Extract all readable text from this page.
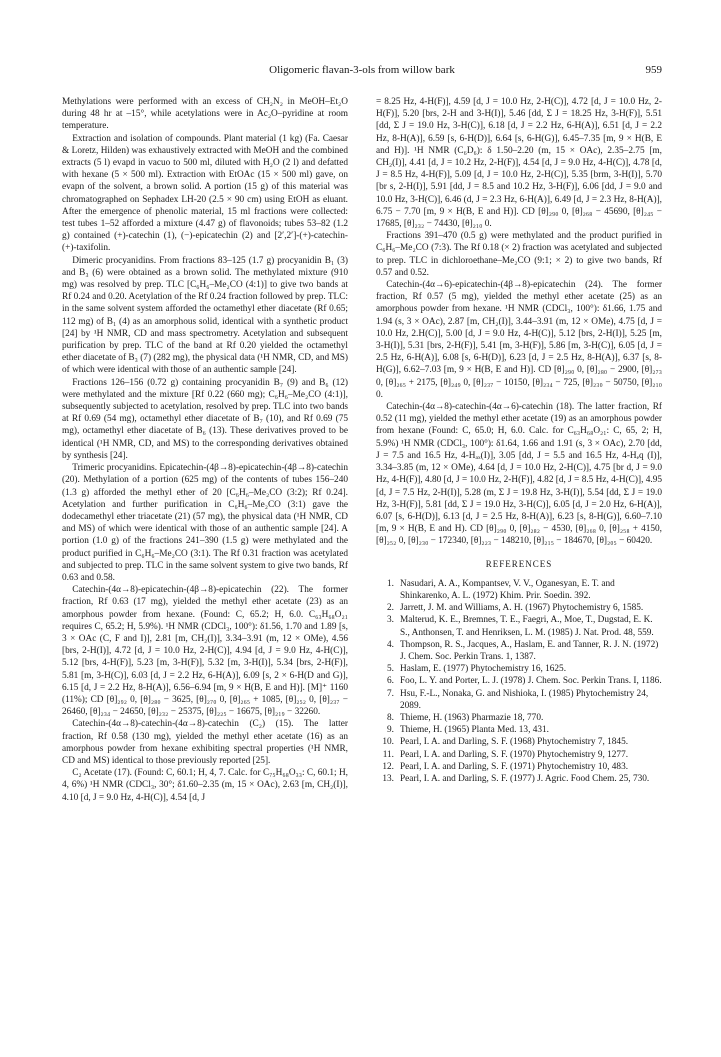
Oligomeric flavan-3-ols from willow bark	959

Methylations were performed with an excess of CH₂N₂ in MeOH–Et₂O during 48 hr at –15°, while acetylations were in Ac₂O–pyridine at room temperature.

Extraction and isolation of compounds. Plant material (1 kg) (Fa. Caesar & Loretz, Hilden) was exhaustively extracted with MeOH and the combined extracts (5 l) evapd in vacuo to 500 ml, diluted with H₂O (2 l) and defatted with hexane (5 × 500 ml). Extraction with EtOAc (15 × 500 ml) gave, on evapn of the solvent, a brown solid. A portion (15 g) of this material was chromatographed on Sephadex LH-20 (2.5 × 90 cm) using EtOH as eluant. After the emergence of phenolic material, 15 ml fractions were collected: test tubes 1–52 afforded a mixture (4.47 g) of flavonoids; tubes 53–82 (1.2 g) contained (+)-catechin (1), (−)-epicatechin (2) and [2′,2′]-(+)-catechin-(+)-taxifolin.

Dimeric procyanidins. From fractions 83–125 (1.7 g) procyanidin B₁ (3) and B₃ (6) were obtained as a brown solid. The methylated mixture (910 mg) was resolved by prep. TLC [C₆H₆–Me₂CO (4:1)] to give two bands at Rf 0.24 and 0.20. Acetylation of the Rf 0.24 fraction followed by prep. TLC: in the same solvent system afforded the octamethyl ether diacetate (Rf 0.65; 112 mg) of B₁ (4) as an amorphous solid, identical with a synthetic product [24] by ¹H NMR, CD and mass spectrometry. Acetylation and subsequent purification by prep. TLC of the band at Rf 0.20 yielded the octamethyl ether diacetate of B₃ (7) (282 mg), the physical data (¹H NMR, CD, and MS) of which were identical with those of an authentic sample [24].

Fractions 126–156 (0.72 g) containing procyanidin B₇ (9) and B₆ (12) were methylated and the mixture [Rf 0.22 (660 mg); C₆H₆–Me₂CO (4:1)], subsequently subjected to acetylation, resolved by prep. TLC into two bands at Rf 0.69 (54 mg), octamethyl ether diacetate of B₇ (10), and Rf 0.69 (75 mg), octamethyl ether diacetate of B₆ (13). These derivatives proved to be identical (¹H NMR, CD, and MS) to the corresponding derivatives obtained by synthesis [24].

Trimeric procyanidins. Epicatechin-(4β→8)-epicatechin-(4β→8)-catechin (20). Methylation of a portion (625 mg) of the contents of tubes 156–240 (1.3 g) afforded the methyl ether of 20 [C₆H₆–Me₂CO (3:2); Rf 0.24]. Acetylation and further purification in C₆H₆–Me₂CO (3:1) gave the dodecamethyl ether triacetate (21) (57 mg), the physical data (¹H NMR, CD and MS) of which were identical with those of an authentic sample [24]. A portion (1.0 g) of the fractions 241–390 (1.5 g) were methylated and the product purified in C₆H₆–Me₂CO (3:1). The Rf 0.31 fraction was acetylated and subjected to prep. TLC in the same solvent system to give two bands, Rf 0.63 and 0.58.

Catechin-(4α→8)-epicatechin-(4β→8)-epicatechin (22). The former fraction, Rf 0.63 (17 mg), yielded the methyl ether acetate (23) as an amorphous powder from hexane. (Found: C, 65.2; H, 6.0. C₆₃H₆₈O₂₁ requires C, 65.2; H, 5.9%). ¹H NMR (CDCl₃, 100°): δ1.56, 1.70 and 1.89 [s, 3 × OAc (C, F and I)], 2.81 [m, CH₂(I)], 3.34–3.91 (m, 12 × OMe), 4.56 [brs, 2-H(I)], 4.72 [d, J = 10.0 Hz, 2-H(C)], 4.94 [d, J = 9.0 Hz, 4-H(C)], 5.12 [brs, 4-H(F)], 5.23 [m, 3-H(F)], 5.32 [m, 3-H(I)], 5.34 [brs, 2-H(F)], 5.81 [m, 3-H(C)], 6.03 [d, J = 2.2 Hz, 6-H(A)], 6.09 [s, 2 × 6-H(D and G)], 6.15 [d, J = 2.2 Hz, 8-H(A)], 6.56–6.94 [m, 9 × H(B, E and H)]. [M]⁺ 1160 (11%); CD [θ]₂₉₂ 0, [θ]₂₈₀ − 3625, [θ]₂₇₀ 0, [θ]₂₆₅ + 1085, [θ]₂₅₂ 0, [θ]₂₃₇ − 26460, [θ]₂₃₄ − 24650, [θ]₂₃₂ − 25375, [θ]₂₂₅ − 16675, [θ]₂₁₉ − 32260.

Catechin-(4α→8)-catechin-(4α→8)-catechin (C₂) (15). The latter fraction, Rf 0.58 (130 mg), yielded the methyl ether acetate (16) as an amorphous powder from hexane exhibiting spectral properties (¹H NMR, CD and MS) identical to those previously reported [25].

C₂ Acetate (17). (Found: C, 60.1; H, 4, 7. Calc. for C₇₅H₆₈O₃₃: C, 60.1; H, 4, 6%) ¹H NMR (CDCl₃, 30°; δ1.60–2.35 (m, 15 × OAc), 2.63 [m, CH₂(I)], 4.10 [d, J = 9.0 Hz, 4-H(C)], 4.54 [d, J

= 8.25 Hz, 4-H(F)], 4.59 [d, J = 10.0 Hz, 2-H(C)], 4.72 [d, J = 10.0 Hz, 2-H(F)], 5.20 [brs, 2-H and 3-H(I)], 5.46 [dd, Σ J = 18.25 Hz, 3-H(F)], 5.51 [dd, Σ J = 19.0 Hz, 3-H(C)], 6.18 [d, J = 2.2 Hz, 6-H(A)], 6.51 [d, J = 2.2 Hz, 8-H(A)], 6.59 [s, 6-H(D)], 6.64 [s, 6-H(G)], 6.45–7.35 [m, 9 × H(B, E and H)]. ¹H NMR (C₆D₆): δ 1.50–2.20 (m, 15 × OAc), 2.35–2.75 [m, CH₂(I)], 4.41 [d, J = 10.2 Hz, 2-H(F)], 4.54 [d, J = 9.0 Hz, 4-H(C)], 4.78 [d, J = 8.5 Hz, 4-H(F)], 5.09 [d, J = 10.0 Hz, 2-H(C)], 5.35 [brm, 3-H(I)], 5.70 [br s, 2-H(I)], 5.91 [dd, J = 8.5 and 10.2 Hz, 3-H(F)], 6.06 [dd, J = 9.0 and 10.0 Hz, 3-H(C)], 6.46 (d, J = 2.3 Hz, 6-H(A)], 6.49 [d, J = 2.3 Hz, 8-H(A)], 6.75 − 7.70 [m, 9 × H(B, E and H)]. CD [θ]₂₉₀ 0, [θ]₂₆₈ − 45690, [θ]₂₄₅ − 17685, [θ]₂₃₂ − 74430, [θ]₂₁₀ 0.

Fractions 391–470 (0.5 g) were methylated and the product purified in C₆H₆–Me₂CO (7:3). The Rf 0.18 (× 2) fraction was acetylated and subjected to prep. TLC in dichloroethane–Me₂CO (9:1; × 2) to give two bands, Rf 0.57 and 0.52.

Catechin-(4α→6)-epicatechin-(4β→8)-epicatechin (24). The former fraction, Rf 0.57 (5 mg), yielded the methyl ether acetate (25) as an amorphous powder from hexane. ¹H NMR (CDCl₃, 100°): δ1.66, 1.75 and 1.94 (s, 3 × OAc), 2.87 [m, CH₂(I)], 3.44–3.91 (m, 12 × OMe), 4.75 [d, J = 10.0 Hz, 2.H(C)], 5.00 [d, J = 9.0 Hz, 4-H(C)], 5.12 [brs, 2-H(I)], 5.25 [m, 3-H(I)], 5.31 [brs, 2-H(F)], 5.41 [m, 3-H(F)], 5.86 [m, 3-H(C)], 6.05 [d, J = 2.5 Hz, 6-H(A)], 6.08 [s, 6-H(D)], 6.23 [d, J = 2.5 Hz, 8-H(A)], 6.37 [s, 8-H(G)], 6.62–7.03 [m, 9 × H(B, E and H)]. CD [θ]₂₉₀ 0, [θ]₂₈₀ − 2900, [θ]₂₇₃ 0, [θ]₂₆₅ + 2175, [θ]₂₄₉ 0, [θ]₂₃₇ − 10150, [θ]₂₃₄ − 725, [θ]₂₃₀ − 50750, [θ]₂₁₀ 0.

Catechin-(4α→8)-catechin-(4α→6)-catechin (18). The latter fraction, Rf 0.52 (11 mg), yielded the methyl ether acetate (19) as an amorphous powder from hexane (Found: C, 65.0; H, 6.0. Calc. for C₆₃H₆₈O₂₁: C, 65, 2; H, 5.9%) ¹H NMR (CDCl₃, 100°): δ1.64, 1.66 and 1.91 (s, 3 × OAc), 2.70 [dd, J = 7.5 and 16.5 Hz, 4-Hₐₓ(I)], 3.05 [dd, J = 5.5 and 16.5 Hz, 4-Hₑq (I)], 3.34–3.85 (m, 12 × OMe), 4.64 [d, J = 10.0 Hz, 2-H(C)], 4.75 [br d, J = 9.0 Hz, 4-H(F)], 4.80 [d, J = 10.0 Hz, 2-H(F)], 4.82 [d, J = 8.5 Hz, 4-H(C)], 4.95 [d, J = 7.5 Hz, 2-H(I)], 5.28 (m, Σ J = 19.8 Hz, 3-H(I)], 5.54 [dd, Σ J = 19.0 Hz, 3-H(F)], 5.81 [dd, Σ J = 19.0 Hz, 3-H(C)], 6.05 [d, J = 2.0 Hz, 6-H(A)], 6.07 [s, 6-H(D)], 6.13 [d, J = 2.5 Hz, 8-H(A)], 6.23 [s, 8-H(G)], 6.60–7.10 [m, 9 × H(B, E and H). CD [θ]₂₉₀ 0, [θ]₂₈₂ − 4530, [θ]₂₆₈ 0, [θ]₂₅₈ + 4150, [θ]₂₅₂ 0, [θ]₂₃₀ − 172340, [θ]₂₂₃ − 148210, [θ]₂₁₅ − 184670, [θ]₂₀₅ − 60420.

REFERENCES
1. Nasudari, A. A., Kompantsev, V. V., Oganesyan, E. T. and Shinkarenko, A. L. (1972) Khim. Prir. Soedin. 392.
2. Jarrett, J. M. and Williams, A. H. (1967) Phytochemistry 6, 1585.
3. Malterud, K. E., Bremnes, T. E., Faegri, A., Moe, T., Dugstad, E. K. S., Anthonsen, T. and Henriksen, L. M. (1985) J. Nat. Prod. 48, 559.
4. Thompson, R. S., Jacques, A., Haslam, E. and Tanner, R. J. N. (1972) J. Chem. Soc. Perkin Trans. 1, 1387.
5. Haslam, E. (1977) Phytochemistry 16, 1625.
6. Foo, L. Y. and Porter, L. J. (1978) J. Chem. Soc. Perkin Trans. I, 1186.
7. Hsu, F.-L., Nonaka, G. and Nishioka, I. (1985) Phytochemistry 24, 2089.
8. Thieme, H. (1963) Pharmazie 18, 770.
9. Thieme, H. (1965) Planta Med. 13, 431.
10. Pearl, I. A. and Darling, S. F. (1968) Phytochemistry 7, 1845.
11. Pearl, I. A. and Darling, S. F. (1970) Phytochemistry 9, 1277.
12. Pearl, I. A. and Darling, S. F. (1971) Phytochemistry 10, 483.
13. Pearl, I. A. and Darling, S. F. (1977) J. Agric. Food Chem. 25, 730.
